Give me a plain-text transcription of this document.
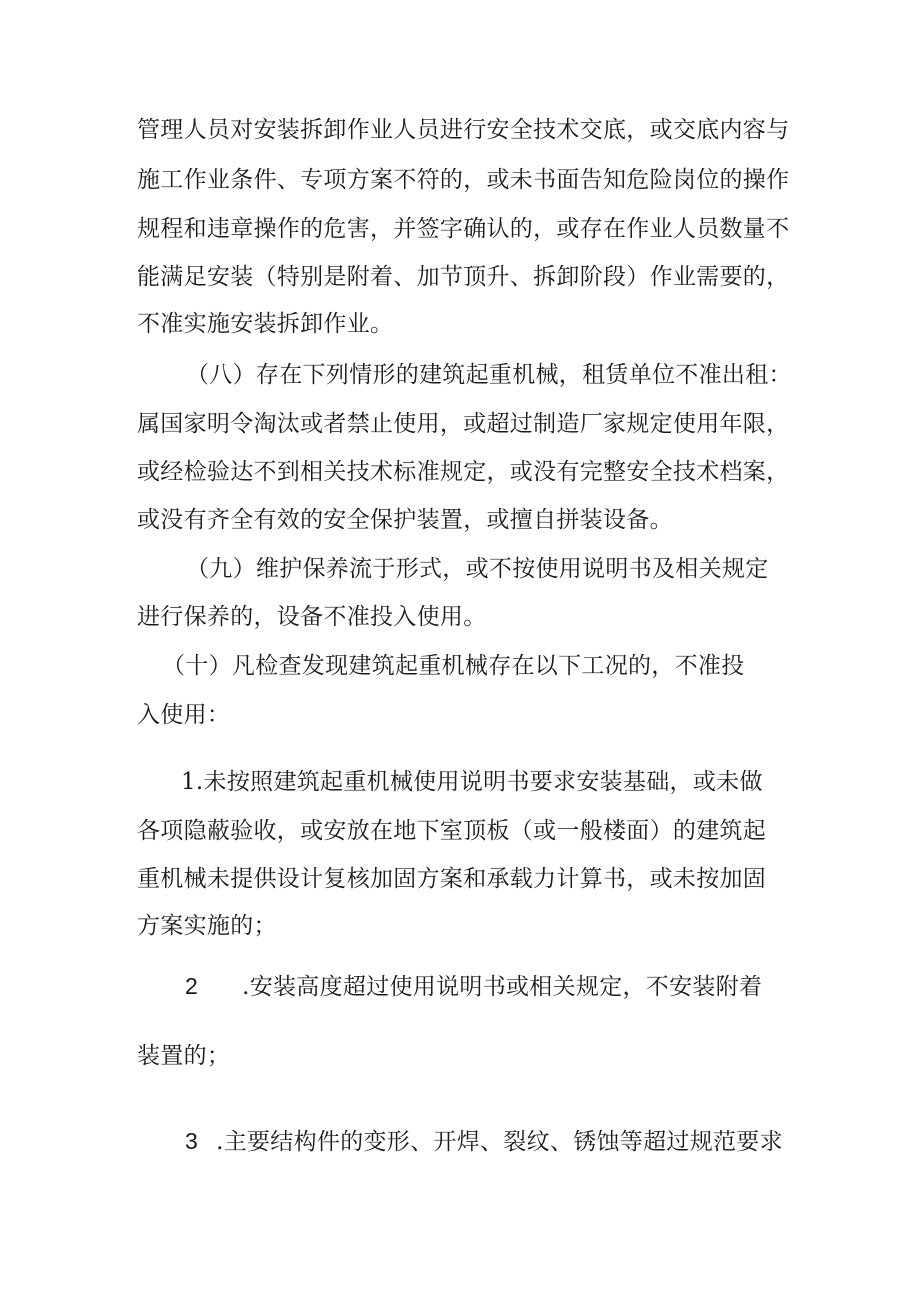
管理人员对安装拆卸作业人员进行安全技术交底，或交底内容与
施工作业条件、专项方案不符的，或未书面告知危险岗位的操作
规程和违章操作的危害，并签字确认的，或存在作业人员数量不
能满足安装（特别是附着、加节顶升、拆卸阶段）作业需要的，
不准实施安装拆卸作业。
（八）存在下列情形的建筑起重机械，租赁单位不准出租：
属国家明令淘汰或者禁止使用，或超过制造厂家规定使用年限，
或经检验达不到相关技术标准规定，或没有完整安全技术档案，
或没有齐全有效的安全保护装置，或擅自拼装设备。
（九）维护保养流于形式，或不按使用说明书及相关规定
进行保养的，设备不准投入使用。
（十）凡检查发现建筑起重机械存在以下工况的，不准投
入使用：
1.未按照建筑起重机械使用说明书要求安装基础，或未做
各项隐蔽验收，或安放在地下室顶板（或一般楼面）的建筑起
重机械未提供设计复核加固方案和承载力计算书，或未按加固
方案实施的；
2 .安装高度超过使用说明书或相关规定，不安装附着
装置的；
3 .主要结构件的变形、开焊、裂纹、锈蚀等超过规范要求
